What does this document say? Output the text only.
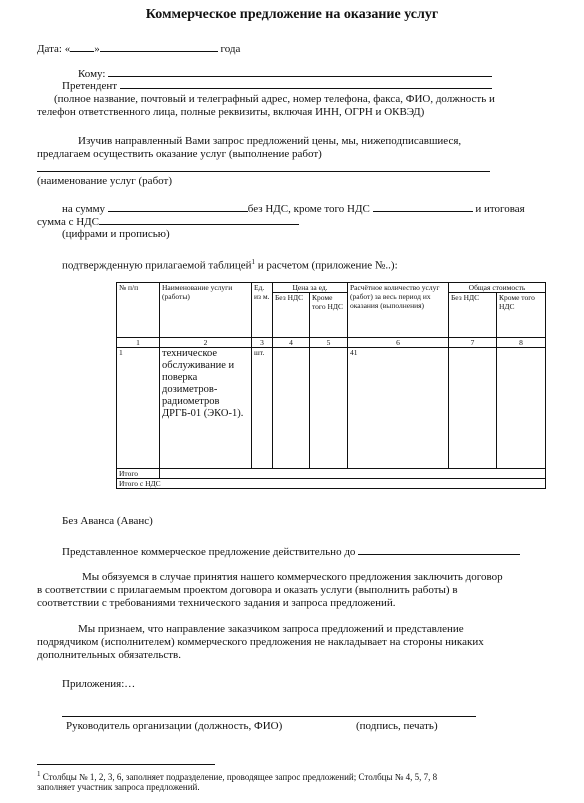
Коммерческое предложение на оказание услуг
Дата: « »	года
Кому:
Претендент
(полное название, почтовый и телеграфный адрес, номер телефона, факса, ФИО, должность и
телефон ответственного лица, полные реквизиты, включая ИНН, ОГРН и ОКВЭД)
Изучив направленный Вами запрос предложений цены, мы, нижеподписавшиеся,
предлагаем осуществить оказание услуг (выполнение работ)
(наименование услуг (работ)
на сумму	без НДС, кроме того НДС	и итоговая
сумма с НДС
(цифрами и прописью)
подтвержденную прилагаемой таблицей$^1$ и расчетом (приложение №..):
№ п/п	Наименование услуги (работы)	Ед. из м.	Цена за ед.		Расчётное количество услуг (работ) за весь период их оказания (выполнения)	Общая стоимость	
			Без НДС	Кроме того НДС		Без НДС	Кроме того НДС
1	2	3	4	5	6	7	8
1	техническое обслуживание и поверка дозиметров-радиометров ДРГБ-01 (ЭКО-1).	шт.			41		
Итого							
Итого с НДС							
Без Аванса (Аванс)
Представленное коммерческое предложение действительно до
Мы обязуемся в случае принятия нашего коммерческого предложения заключить договор
в соответствии с прилагаемым проектом договора и оказать услуги (выполнить работы) в
соответствии с требованиями технического задания и запроса предложений.
Мы признаем, что направление заказчиком запроса предложений и представление
подрядчиком (исполнителем) коммерческого предложения не накладывает на стороны никаких
дополнительных обязательств.
Приложения:…
Руководитель организации (должность, ФИО)	(подпись, печать)
$^1$ Столбцы № 1, 2, 3, 6, заполняет подразделение, проводящее запрос предложений; Столбцы № 4, 5, 7, 8
заполняет участник запроса предложений.
